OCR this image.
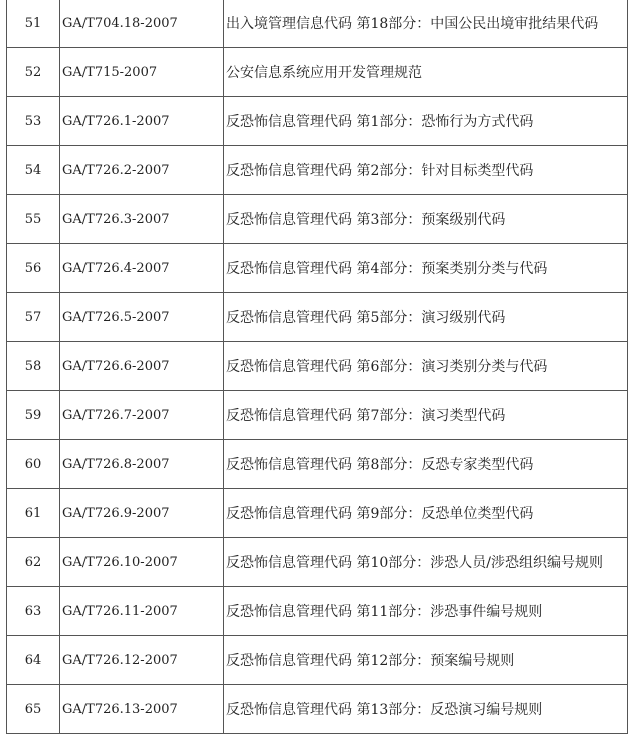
51	GA/T704.18-2007	出入境管理信息代码 第18部分：中国公民出境审批结果代码
52	GA/T715-2007	公安信息系统应用开发管理规范
53	GA/T726.1-2007	反恐怖信息管理代码 第1部分：恐怖行为方式代码
54	GA/T726.2-2007	反恐怖信息管理代码 第2部分：针对目标类型代码
55	GA/T726.3-2007	反恐怖信息管理代码 第3部分：预案级别代码
56	GA/T726.4-2007	反恐怖信息管理代码 第4部分：预案类别分类与代码
57	GA/T726.5-2007	反恐怖信息管理代码 第5部分：演习级别代码
58	GA/T726.6-2007	反恐怖信息管理代码 第6部分：演习类别分类与代码
59	GA/T726.7-2007	反恐怖信息管理代码 第7部分：演习类型代码
60	GA/T726.8-2007	反恐怖信息管理代码 第8部分：反恐专家类型代码
61	GA/T726.9-2007	反恐怖信息管理代码 第9部分：反恐单位类型代码
62	GA/T726.10-2007	反恐怖信息管理代码 第10部分：涉恐人员/涉恐组织编号规则
63	GA/T726.11-2007	反恐怖信息管理代码 第11部分：涉恐事件编号规则
64	GA/T726.12-2007	反恐怖信息管理代码 第12部分：预案编号规则
65	GA/T726.13-2007	反恐怖信息管理代码 第13部分：反恐演习编号规则
